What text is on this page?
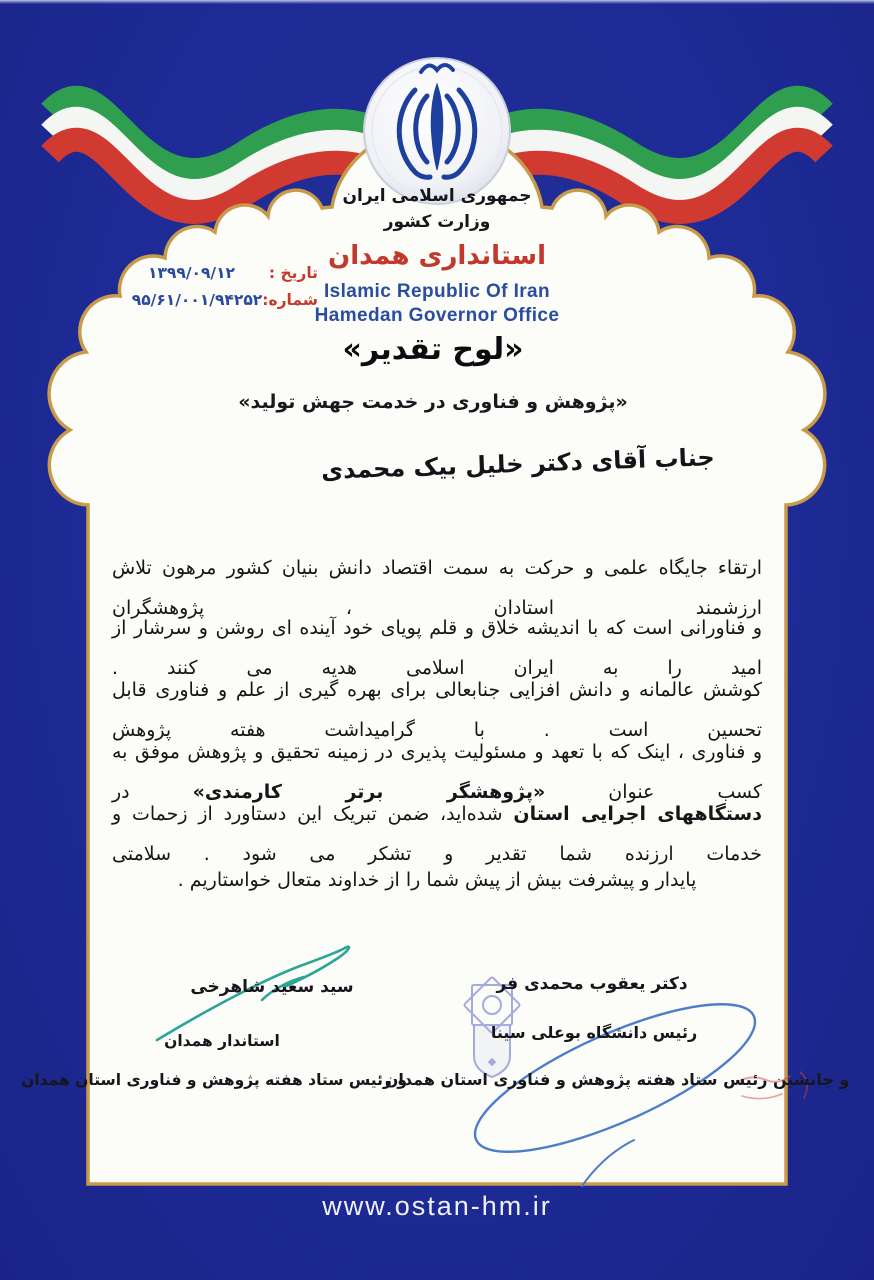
جمهوری اسلامی ایران
وزارت کشور
استانداری همدان
Islamic Republic Of Iran
Hamedan Governor Office
تاریخ :
۱۳۹۹/۰۹/۱۲
شماره:
۹۵/۶۱/۰۰۱/۹۴۲۵۲
«لوح تقدیر»
«پژوهش و فناوری در خدمت جهش تولید»
جناب آقای دکتر خلیل بیک محمدی
ارتقاء جایگاه علمی و حرکت به سمت اقتصاد دانش بنیان کشور مرهون تلاش ارزشمند استادان ، پژوهشگران
و فناورانی است که با اندیشه خلاق و قلم پویای خود آینده ای روشن و سرشار از امید را به ایران اسلامی هدیه می کنند .
کوشش عالمانه و دانش افزایی جنابعالی برای بهره گیری از علم و فناوری قابل تحسین است . با گرامیداشت هفته پژوهش
و فناوری ، اینک که با تعهد و مسئولیت پذیری در زمینه تحقیق و پژوهش موفق به کسب عنوان «پژوهشگر برتر کارمندی» در
دستگاههای اجرایی استان شده‌اید، ضمن تبریک این دستاورد از زحمات و خدمات ارزنده شما تقدیر و تشکر می شود . سلامتی
پایدار و پیشرفت بیش از پیش شما را از خداوند متعال خواستاریم .
سید سعید شاهرخی
استاندار همدان
و رئیس ستاد هفته پژوهش و فناوری استان همدان
دکتر یعقوب محمدی فر
رئیس دانشگاه بوعلی سینا
و جانشین رئیس ستاد هفته پژوهش و فناوری استان همدان
www.ostan-hm.ir
